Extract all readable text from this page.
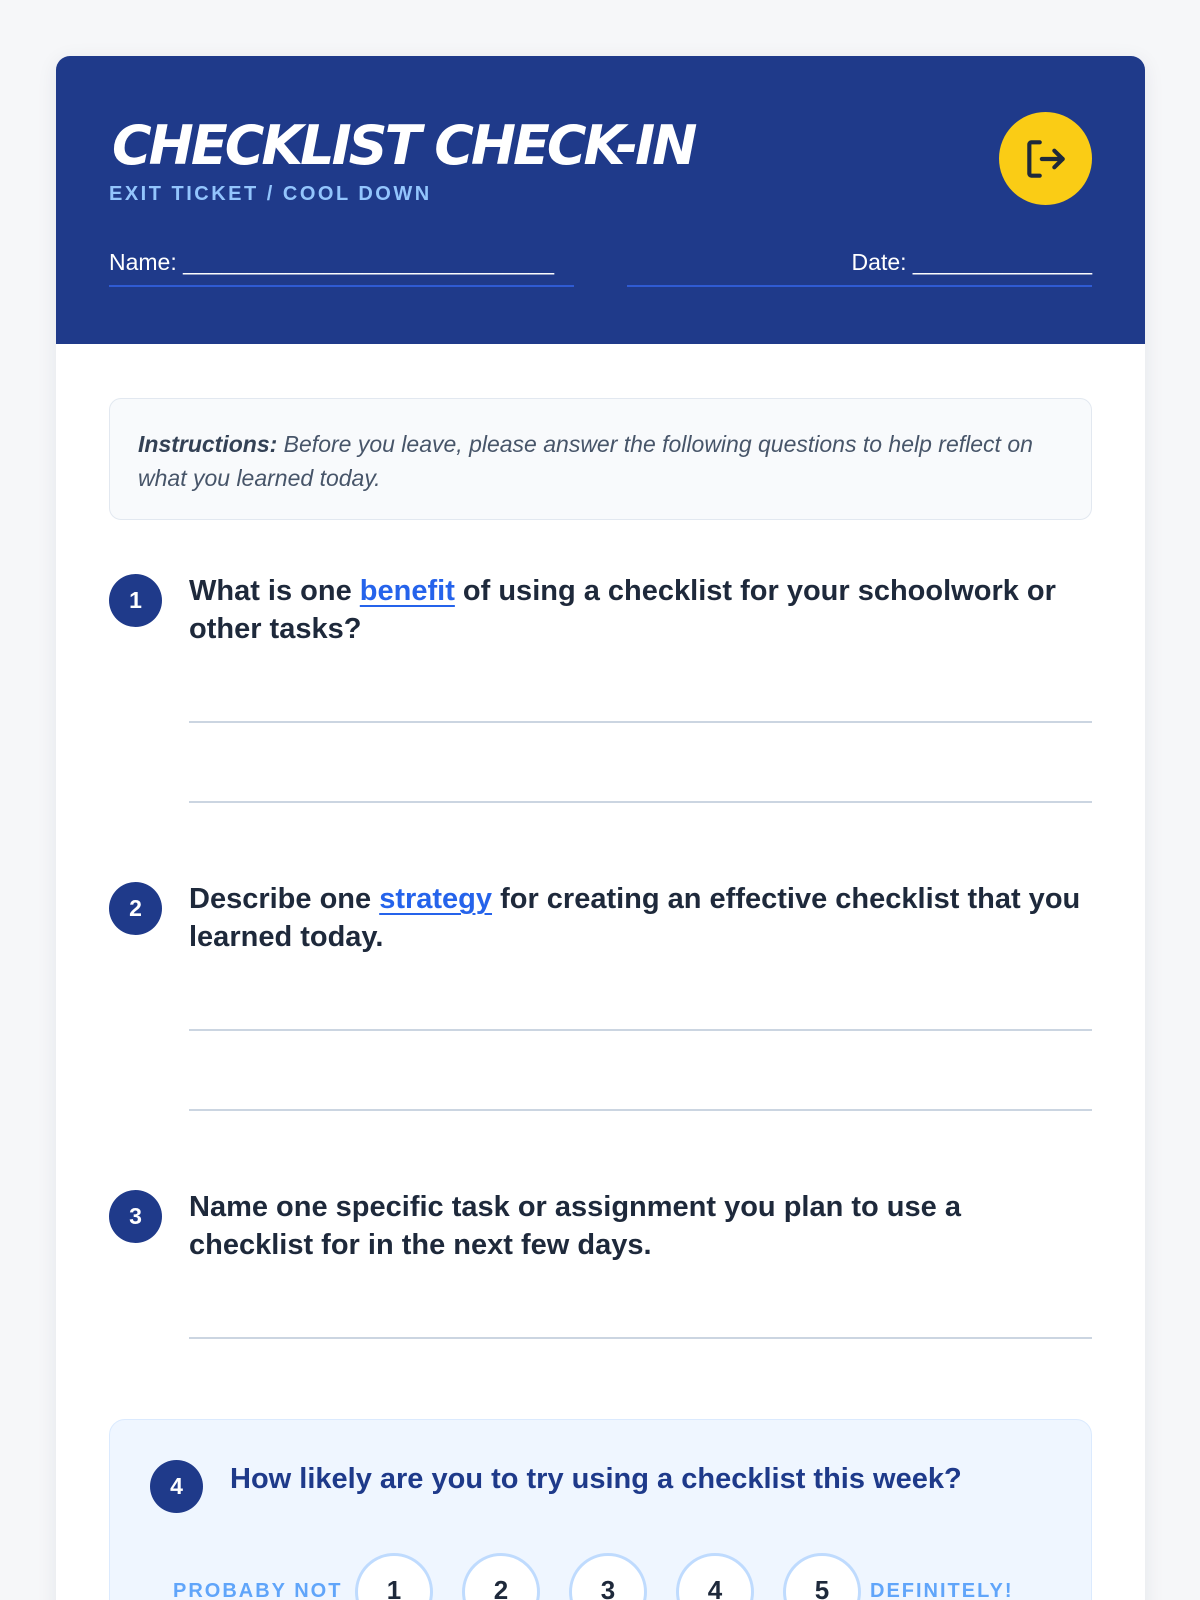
CHECKLIST CHECK-IN
EXIT TICKET / COOL DOWN
Name: _____________________________	Date: ______________
Instructions: Before you leave, please answer the following questions to help reflect on what you learned today.
1	What is one benefit of using a checklist for your schoolwork or other tasks?
2	Describe one strategy for creating an effective checklist that you learned today.
3	Name one specific task or assignment you plan to use a checklist for in the next few days.
4	How likely are you to try using a checklist this week?
PROBABY NOT	1	2	3	4	5	DEFINITELY!
